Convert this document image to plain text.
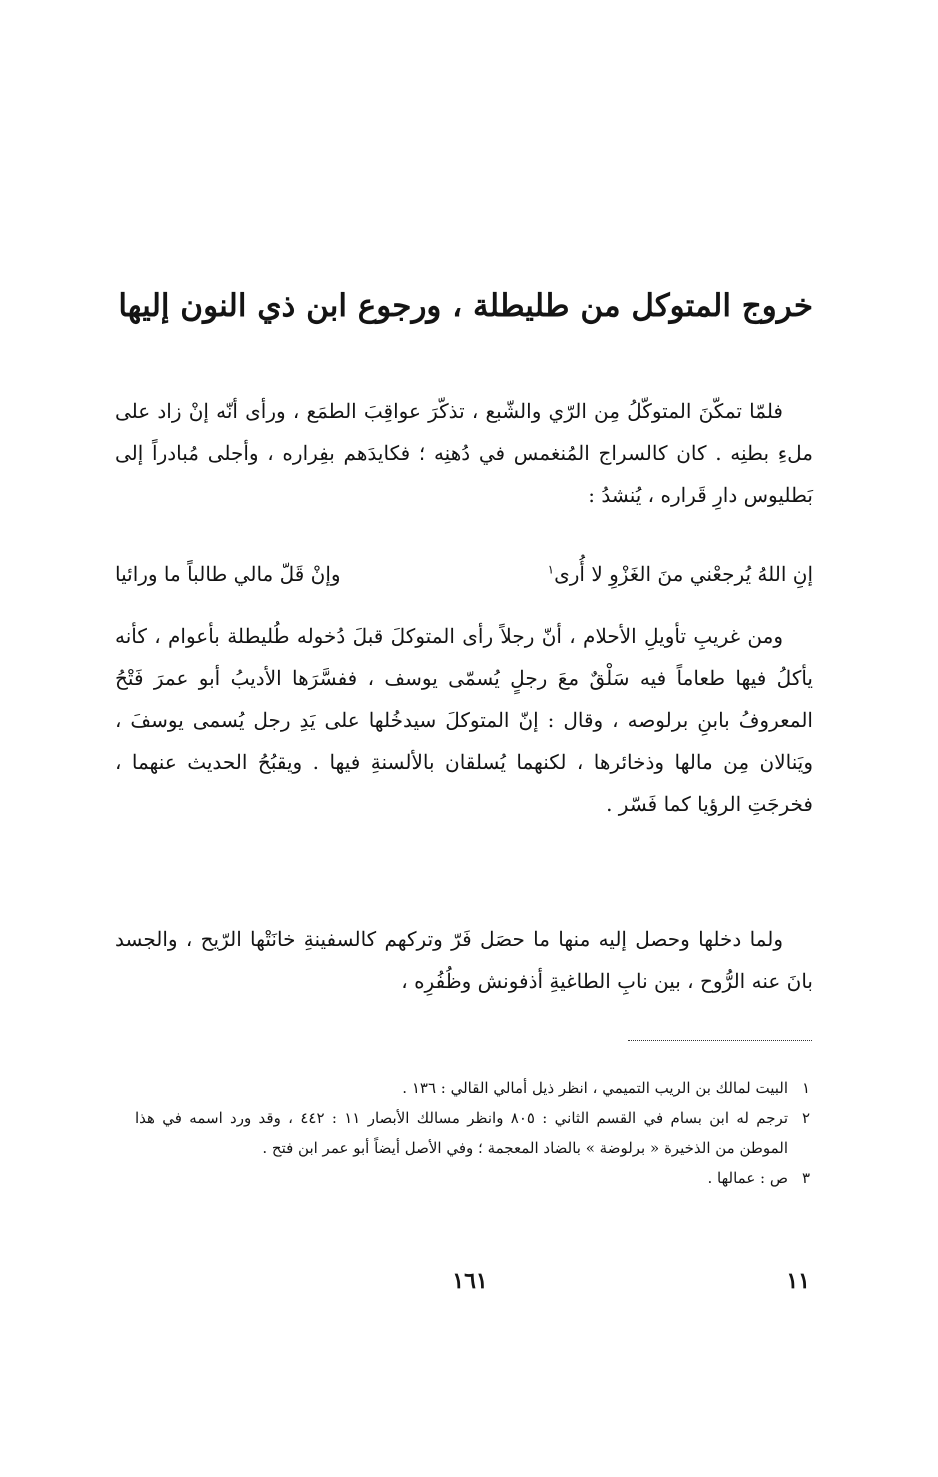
خروج المتوكل من طليطلة ، ورجوع ابن ذي النون إليها

فلمّا تمكّنَ المتوكّلُ مِن الرّي والشّبع ، تذكّرَ عواقِبَ الطمَع ، ورأى أنّه إنْ زاد على ملءِ بطنِه . كان كالسراج المُنغمس في دُهنِه ؛ فكايدَهم بفِراره ، وأجلى مُبادراً إلى بَطليوس دارِ قَراره ، يُنشدُ :

إنِ اللهُ يُرجعْني منَ الغَزْوِ لا أُرى$^١$
وإنْ قَلّ مالي طالباً ما ورائيا

ومن غريبِ تأويلِ الأحلام ، أنّ رجلاً رأى المتوكلَ قبلَ دُخوله طُليطلة بأعوام ، كأنه يأكلُ فيها طعاماً فيه سَلْقٌ معَ رجلٍ يُسمّى يوسف ، ففسَّرَها الأديبُ أبو عمرَ فَتْحُ المعروفُ بابنِ برلوصه ، وقال : إنّ المتوكلَ سيدخُلها على يَدِ رجل يُسمى يوسفَ ، ويَنالان مِن مالها وذخائرها ، لكنهما يُسلقان بالألسنةِ فيها . ويقبُحُ الحديث عنهما ، فخرجَتِ الرؤيا كما فَسّر .

ولما دخلها وحصل إليه منها ما حصَل فَرّ وتركهم كالسفينةِ خانَتْها الرّيح ، والجسد بانَ عنه الرُّوح ، بين نابِ الطاغيةِ أذفونش وظُفُرِه ،

١
البيت لمالك بن الريب التميمي ، انظر ذيل أمالي القالي : ١٣٦ .
٢
ترجم له ابن بسام في القسم الثاني : ٨٠٥ وانظر مسالك الأبصار ١١ : ٤٤٢ ، وقد ورد اسمه في هذا الموطن من الذخيرة « برلوضة » بالضاد المعجمة ؛ وفي الأصل أيضاً أبو عمر ابن فتح .
٣
ص : عمالها .
١١
١٦١
